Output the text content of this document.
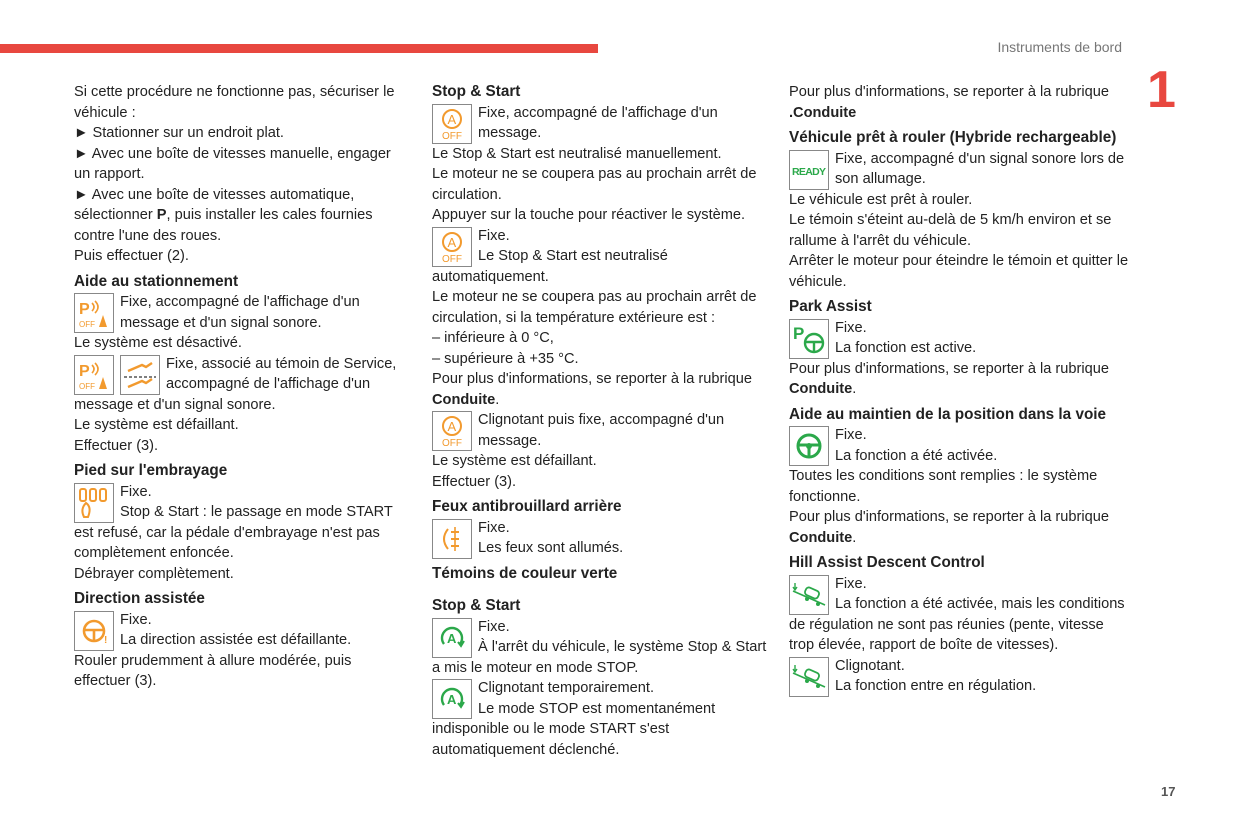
Instruments de bord
1
17

Si cette procédure ne fonctionne pas, sécuriser le véhicule :

► Stationner sur un endroit plat.

► Avec une boîte de vitesses manuelle, engager un rapport.

► Avec une boîte de vitesses automatique, sélectionner P, puis installer les cales fournies contre l'une des roues.

Puis effectuer (2).

Aide au stationnement

P
OFF
Fixe, accompagné de l'affichage d'un message et d'un signal sonore.

Le système est désactivé.

P
OFF
Fixe, associé au témoin de Service, accompagné de l'affichage d'un message et d'un signal sonore.

Le système est défaillant.

Effectuer (3).

Pied sur l'embrayage

Fixe.
Stop & Start : le passage en mode START est refusé, car la pédale d'embrayage n'est pas complètement enfoncée.

Débrayer complètement.

Direction assistée

!
Fixe.
La direction assistée est défaillante.

Rouler prudemment à allure modérée, puis effectuer (3).

Stop & Start

A
OFF
Fixe, accompagné de l'affichage d'un message.

Le Stop & Start est neutralisé manuellement.

Le moteur ne se coupera pas au prochain arrêt de circulation.

Appuyer sur la touche pour réactiver le système.

A
OFF
Fixe.
Le Stop & Start est neutralisé automatiquement.

Le moteur ne se coupera pas au prochain arrêt de circulation, si la température extérieure est :

– inférieure à 0 °C,

– supérieure à +35 °C.

Pour plus d'informations, se reporter à la rubrique Conduite.

A
OFF
Clignotant puis fixe, accompagné d'un message.

Le système est défaillant.

Effectuer (3).

Feux antibrouillard arrière

Fixe.
Les feux sont allumés.

Témoins de couleur verte

Stop & Start

A
Fixe.
À l'arrêt du véhicule, le système Stop & Start a mis le moteur en mode STOP.
A
Clignotant temporairement.
Le mode STOP est momentanément indisponible ou le mode START s'est automatiquement déclenché.

Pour plus d'informations, se reporter à la rubrique .Conduite

Véhicule prêt à rouler (Hybride rechargeable)

READY
Fixe, accompagné d'un signal sonore lors de son allumage.

Le véhicule est prêt à rouler.

Le témoin s'éteint au-delà de 5 km/h environ et se rallume à l'arrêt du véhicule.

Arrêter le moteur pour éteindre le témoin et quitter le véhicule.

Park Assist

P Fixe.
La fonction est active.

Pour plus d'informations, se reporter à la rubrique Conduite.

Aide au maintien de la position dans la voie

Fixe.
La fonction a été activée.

Toutes les conditions sont remplies : le système fonctionne.

Pour plus d'informations, se reporter à la rubrique Conduite.

Hill Assist Descent Control

Fixe.
La fonction a été activée, mais les conditions de régulation ne sont pas réunies (pente, vitesse trop élevée, rapport de boîte de vitesses).
Clignotant.
La fonction entre en régulation.
